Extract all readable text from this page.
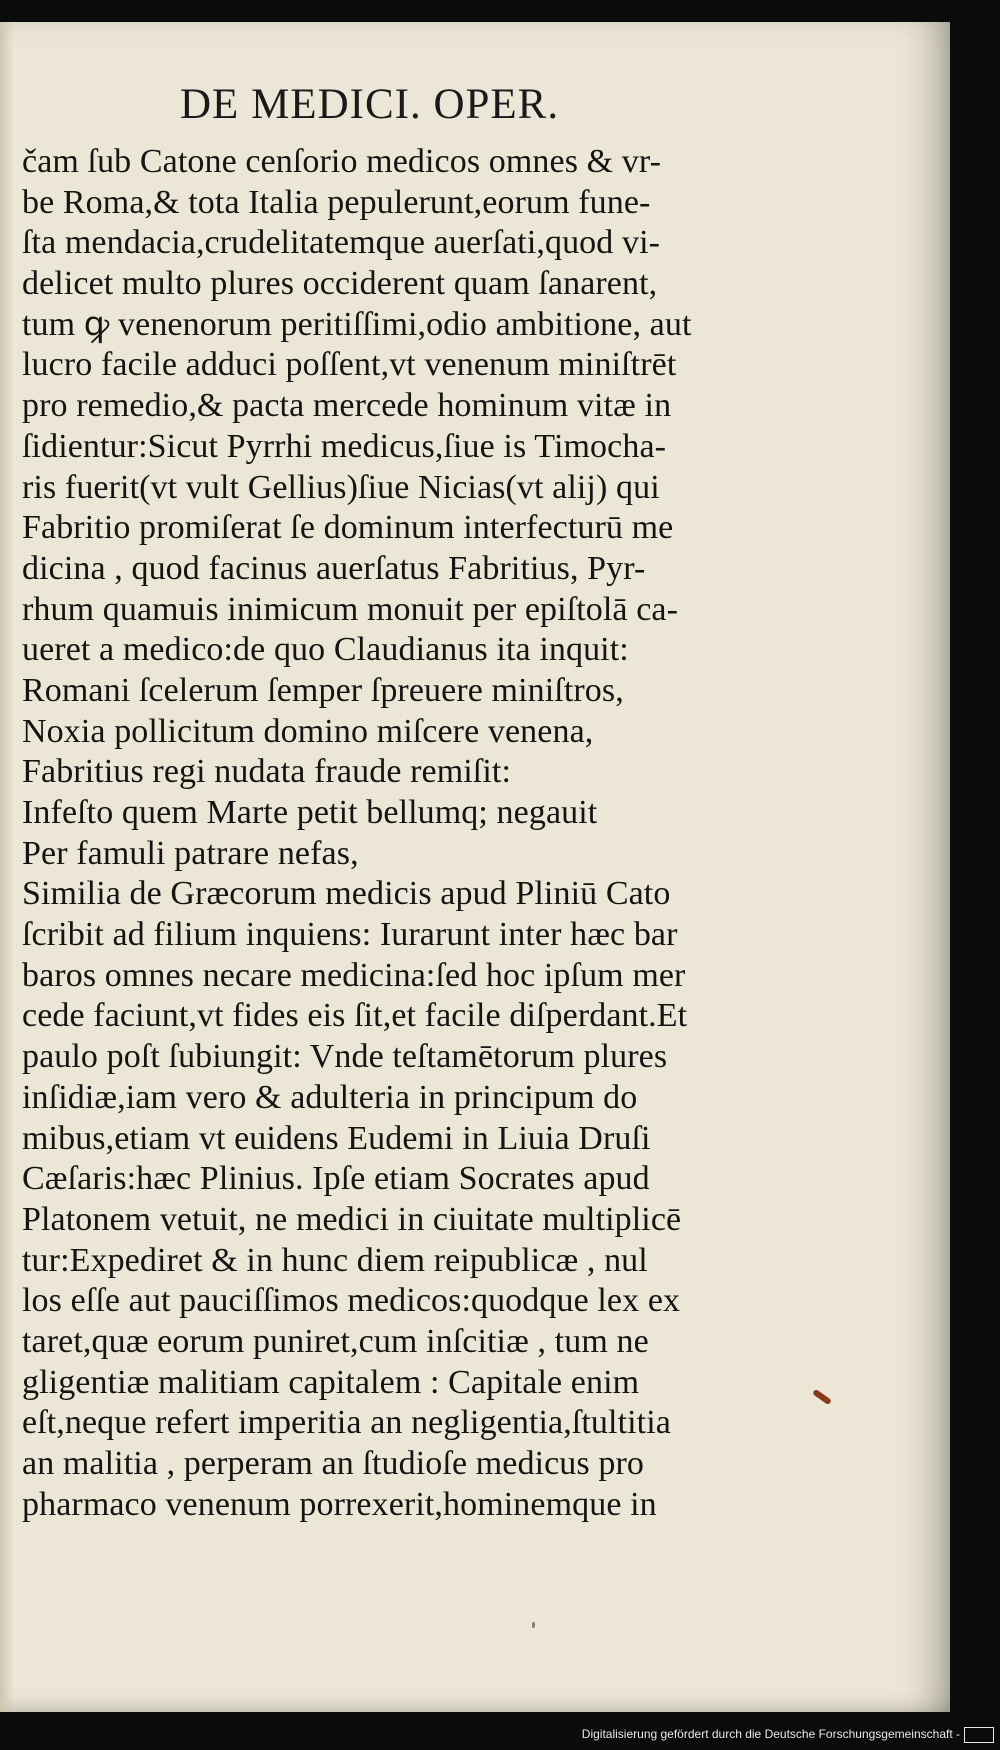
DE MEDICI. OPER.
čam ſub Catone cenſorio medicos omnes & vr-
be Roma,& tota Italia pepulerunt,eorum fune-
ſta mendacia,crudelitatemque auerſati,quod vi-
delicet multo plures occiderent quam ſanarent,
tum ꝙ venenorum peritiſſimi,odio ambitione, aut
lucro facile adduci poſſent,vt venenum miniſtrēt
pro remedio,& pacta mercede hominum vitæ in
ſidientur:Sicut Pyrrhi medicus,ſiue is Timocha-
ris fuerit(vt vult Gellius)ſiue Nicias(vt alij) qui
Fabritio promiſerat ſe dominum interfecturū me
dicina , quod facinus auerſatus Fabritius, Pyr-
rhum quamuis inimicum monuit per epiſtolā ca-
ueret a medico:de quo Claudianus ita inquit:
Romani ſcelerum ſemper ſpreuere miniſtros,
Noxia pollicitum domino miſcere venena,
Fabritius regi nudata fraude remiſit:
Infeſto quem Marte petit bellumq; negauit
Per famuli patrare nefas,
Similia de Græcorum medicis apud Pliniū Cato
ſcribit ad filium inquiens: Iurarunt inter hæc bar
baros omnes necare medicina:ſed hoc ipſum mer
cede faciunt,vt fides eis ſit,et facile diſperdant.Et
paulo poſt ſubiungit: Vnde teſtamētorum plures
inſidiæ,iam vero & adulteria in principum do
mibus,etiam vt euidens Eudemi in Liuia Druſi
Cæſaris:hæc Plinius. Ipſe etiam Socrates apud
Platonem vetuit, ne medici in ciuitate multiplicē
tur:Expediret & in hunc diem reipublicæ , nul
los eſſe aut pauciſſimos medicos:quodque lex ex
taret,quæ eorum puniret,cum inſcitiæ , tum ne
gligentiæ malitiam capitalem : Capitale enim
eſt,neque refert imperitia an negligentia,ſtultitia
an malitia , perperam an ſtudioſe medicus pro
pharmaco venenum porrexerit,hominemque in
Digitalisierung gefördert durch die Deutsche Forschungsgemeinschaft -
